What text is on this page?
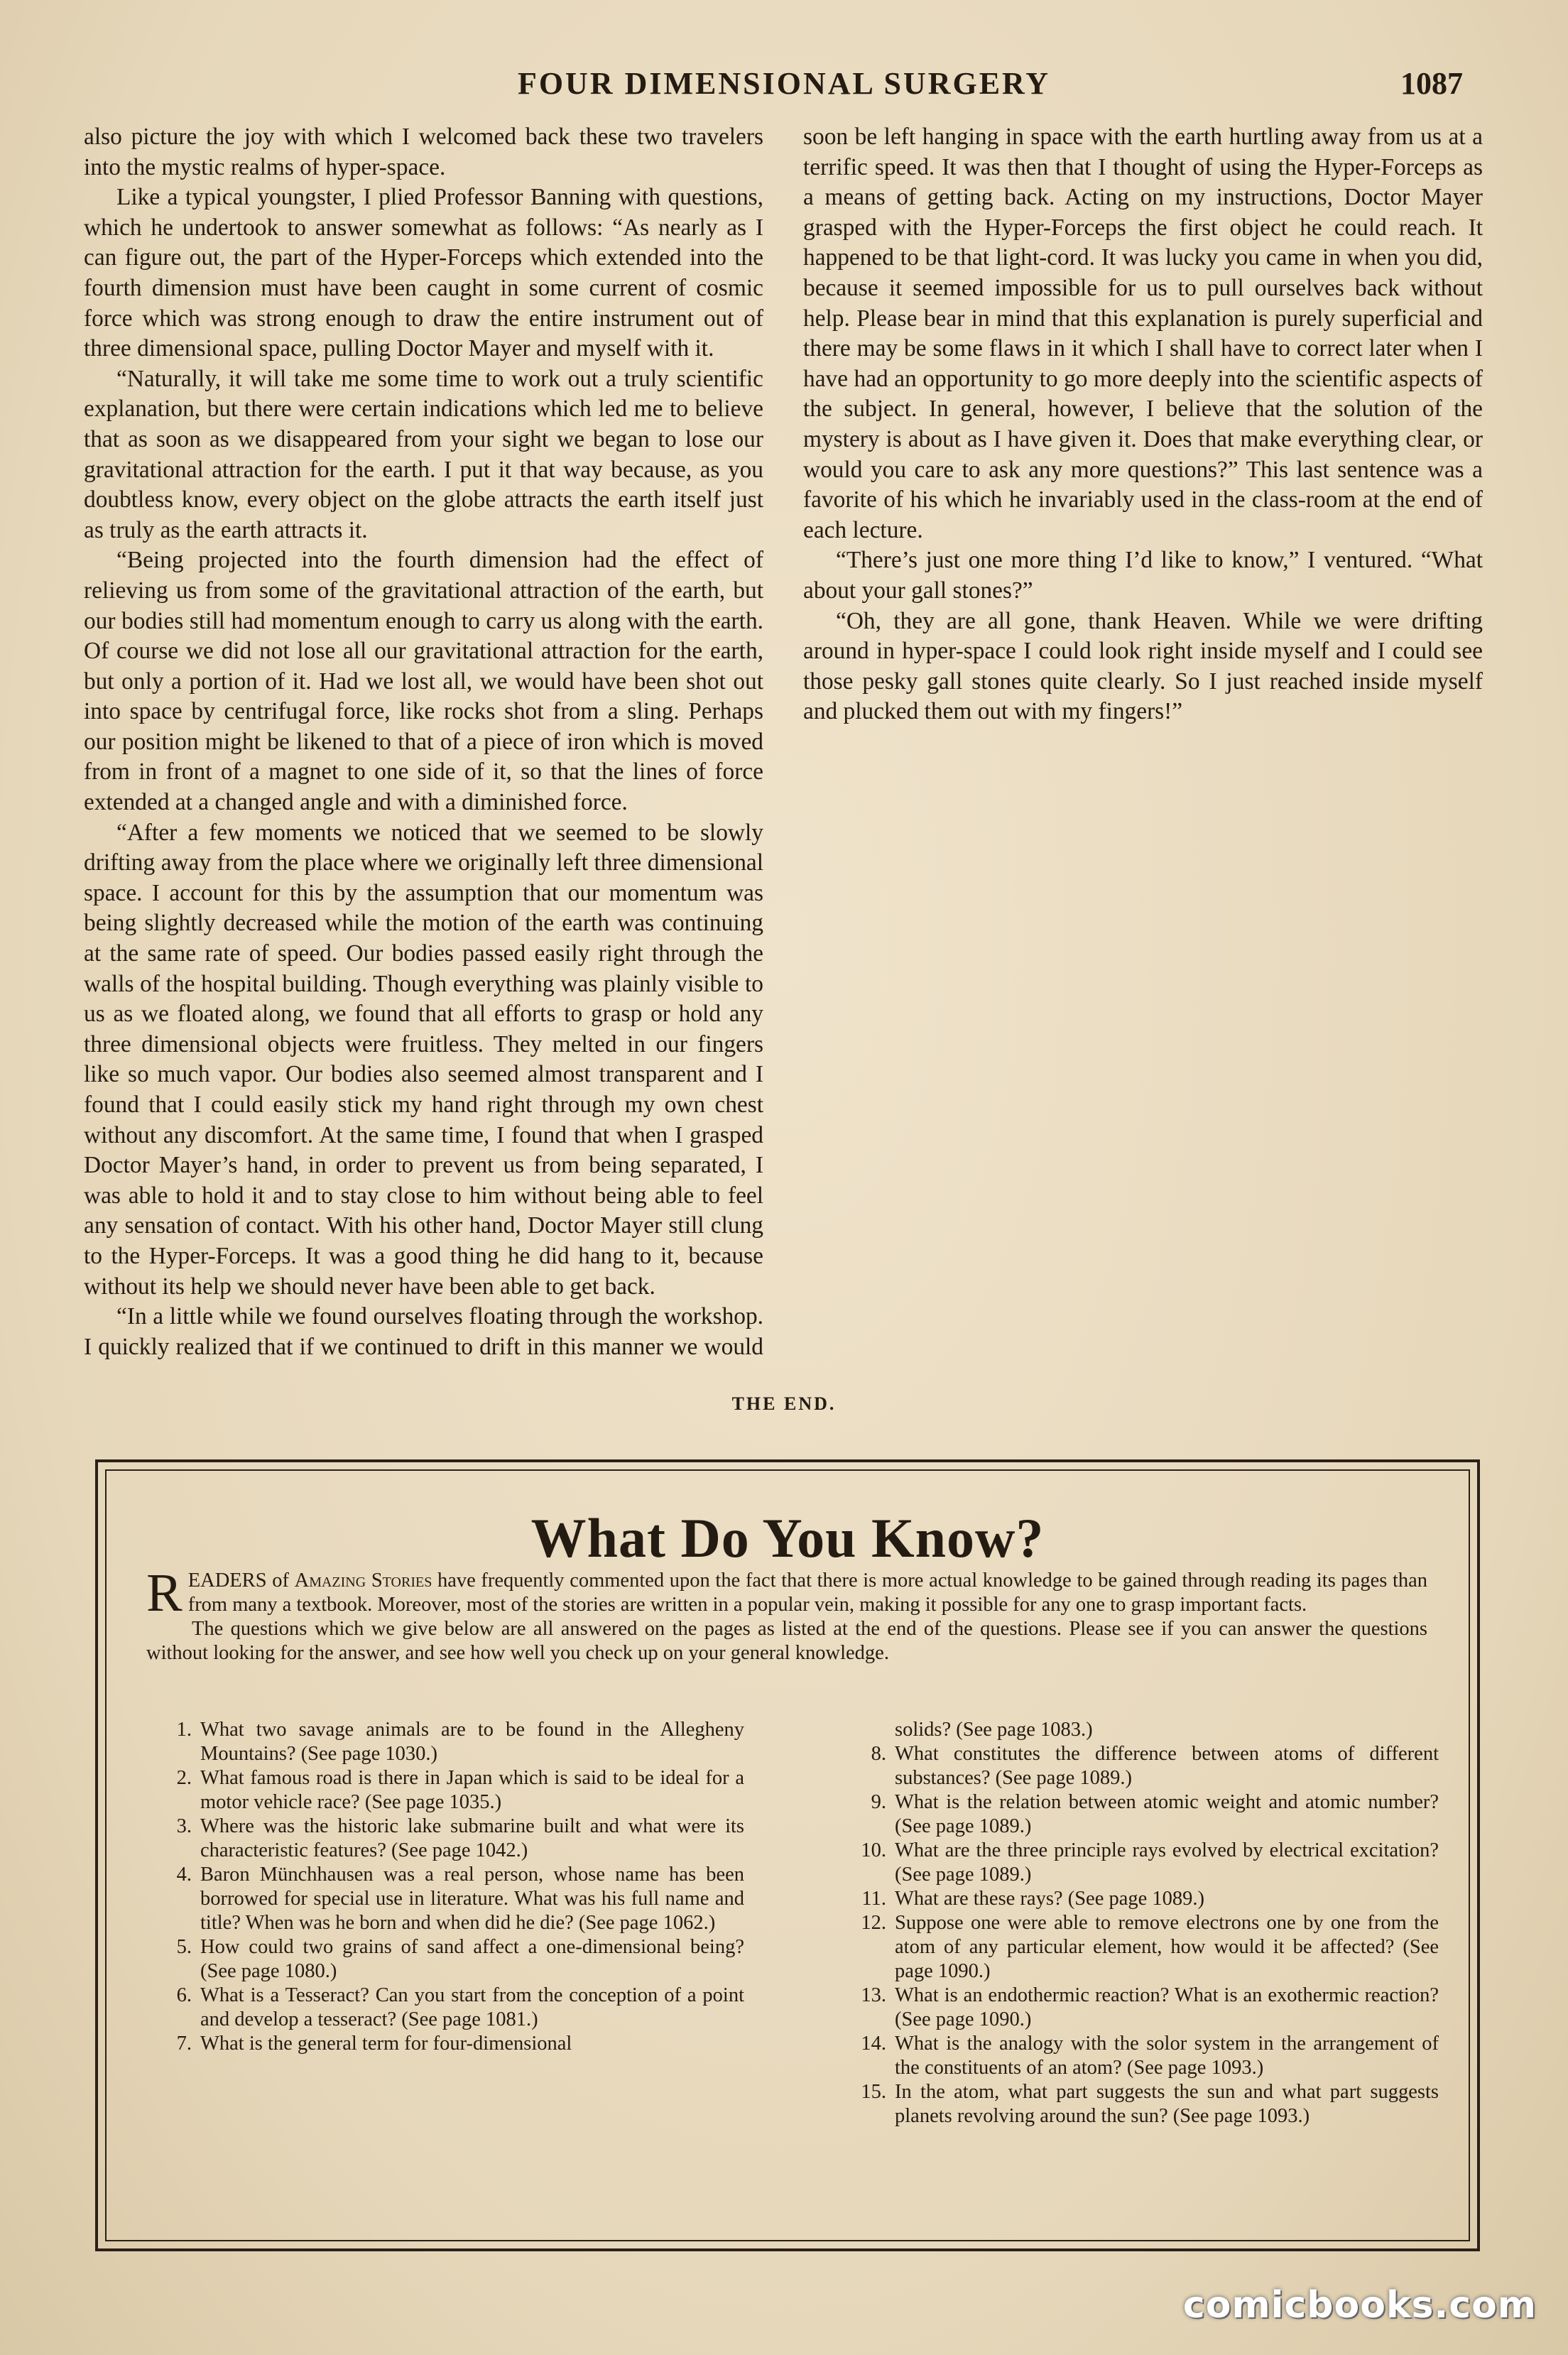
FOUR DIMENSIONAL SURGERY	1087

also picture the joy with which I welcomed back these two travelers into the mystic realms of hyper-space.

Like a typical youngster, I plied Professor Banning with questions, which he undertook to answer somewhat as follows: “As nearly as I can figure out, the part of the Hyper-Forceps which extended into the fourth dimension must have been caught in some current of cosmic force which was strong enough to draw the entire instrument out of three dimensional space, pulling Doctor Mayer and myself with it.

“Naturally, it will take me some time to work out a truly scientific explanation, but there were certain indications which led me to believe that as soon as we disappeared from your sight we began to lose our gravitational attraction for the earth. I put it that way because, as you doubtless know, every object on the globe attracts the earth itself just as truly as the earth attracts it.

“Being projected into the fourth dimension had the effect of relieving us from some of the gravitational attraction of the earth, but our bodies still had momentum enough to carry us along with the earth. Of course we did not lose all our gravitational attraction for the earth, but only a portion of it. Had we lost all, we would have been shot out into space by centrifugal force, like rocks shot from a sling. Perhaps our position might be likened to that of a piece of iron which is moved from in front of a magnet to one side of it, so that the lines of force extended at a changed angle and with a diminished force.

“After a few moments we noticed that we seemed to be slowly drifting away from the place where we originally left three dimensional space. I account for this by the assumption that our momentum was being slightly decreased while the motion of the earth was continuing at the same rate of speed. Our bodies passed easily right through the walls of the hospital building. Though everything was plainly visible to us as we floated along, we found that all efforts to grasp or hold any three dimensional objects were fruitless. They melted in our fingers like so much vapor. Our bodies also seemed almost transparent and I found that I could easily stick my hand right through my own chest without any discomfort. At the same time, I found that when I grasped Doctor Mayer’s hand, in order to prevent us from being separated, I was able to hold it and to stay close to him without being able to feel any sensation of contact. With his other hand, Doctor Mayer still clung to the Hyper-Forceps. It was a good thing he did hang to it, because without its help we should never have been able to get back.

“In a little while we found ourselves floating through the workshop. I quickly realized that if we continued to drift in this manner we would soon be left hanging in space with the earth hurtling away from us at a terrific speed. It was then that I thought of using the Hyper-Forceps as a means of getting back. Acting on my instructions, Doctor Mayer grasped with the Hyper-Forceps the first object he could reach. It happened to be that light-cord. It was lucky you came in when you did, because it seemed impossible for us to pull ourselves back without help. Please bear in mind that this explanation is purely superficial and there may be some flaws in it which I shall have to correct later when I have had an opportunity to go more deeply into the scientific aspects of the subject. In general, however, I believe that the solution of the mystery is about as I have given it. Does that make everything clear, or would you care to ask any more questions?” This last sentence was a favorite of his which he invariably used in the class-room at the end of each lecture.

“There’s just one more thing I’d like to know,” I ventured. “What about your gall stones?”

“Oh, they are all gone, thank Heaven. While we were drifting around in hyper-space I could look right inside myself and I could see those pesky gall stones quite clearly. So I just reached inside myself and plucked them out with my fingers!”

THE END.
What Do You Know?

READERS of Amazing Stories have frequently commented upon the fact that there is more actual knowledge to be gained through reading its pages than from many a textbook. Moreover, most of the stories are written in a popular vein, making it possible for any one to grasp important facts.

The questions which we give below are all answered on the pages as listed at the end of the questions. Please see if you can answer the questions without looking for the answer, and see how well you check up on your general knowledge.

1. What two savage animals are to be found in the Allegheny Mountains? (See page 1030.)
2. What famous road is there in Japan which is said to be ideal for a motor vehicle race? (See page 1035.)
3. Where was the historic lake submarine built and what were its characteristic features? (See page 1042.)
4. Baron Münchhausen was a real person, whose name has been borrowed for special use in literature. What was his full name and title? When was he born and when did he die? (See page 1062.)
5. How could two grains of sand affect a one-dimensional being? (See page 1080.)
6. What is a Tesseract? Can you start from the conception of a point and develop a tesseract? (See page 1081.)
7. What is the general term for four-dimensional
solids? (See page 1083.)
8. What constitutes the difference between atoms of different substances? (See page 1089.)
9. What is the relation between atomic weight and atomic number? (See page 1089.)
10. What are the three principle rays evolved by electrical excitation? (See page 1089.)
11. What are these rays? (See page 1089.)
12. Suppose one were able to remove electrons one by one from the atom of any particular element, how would it be affected? (See page 1090.)
13. What is an endothermic reaction? What is an exothermic reaction? (See page 1090.)
14. What is the analogy with the solor system in the arrangement of the constituents of an atom? (See page 1093.)
15. In the atom, what part suggests the sun and what part suggests planets revolving around the sun? (See page 1093.)
comicbooks.com
